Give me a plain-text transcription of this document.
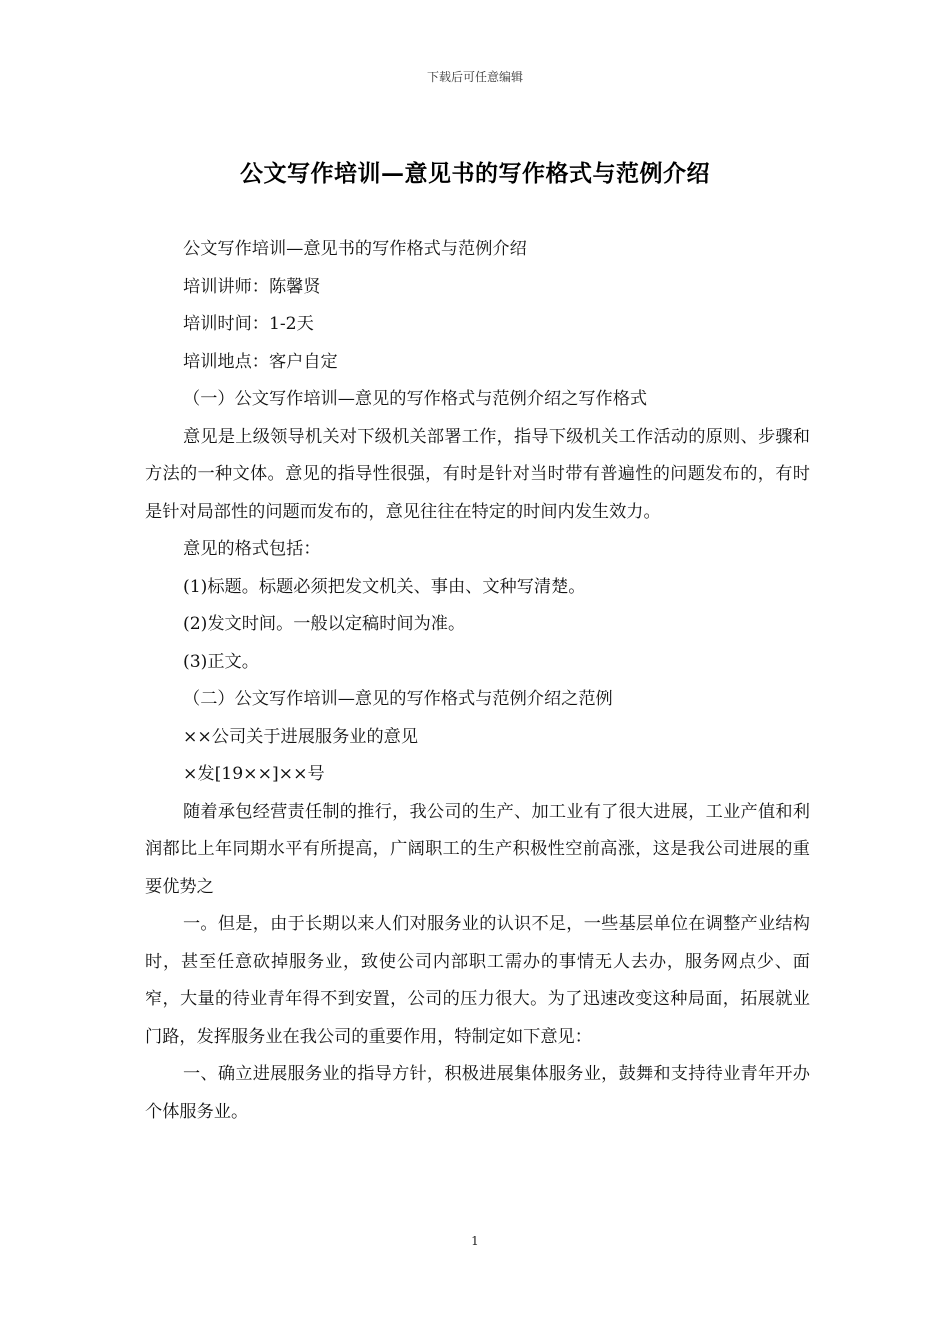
下载后可任意编辑
公文写作培训—意见书的写作格式与范例介绍

公文写作培训—意见书的写作格式与范例介绍

培训讲师：陈馨贤

培训时间：1-2天

培训地点：客户自定

（一）公文写作培训—意见的写作格式与范例介绍之写作格式

意见是上级领导机关对下级机关部署工作，指导下级机关工作活动的原则、步骤和方法的一种文体。意见的指导性很强，有时是针对当时带有普遍性的问题发布的，有时是针对局部性的问题而发布的，意见往往在特定的时间内发生效力。

意见的格式包括：

(1)标题。标题必须把发文机关、事由、文种写清楚。

(2)发文时间。一般以定稿时间为准。

(3)正文。

（二）公文写作培训—意见的写作格式与范例介绍之范例

××公司关于进展服务业的意见

×发[19××]××号

随着承包经营责任制的推行，我公司的生产、加工业有了很大进展，工业产值和利润都比上年同期水平有所提高，广阔职工的生产积极性空前高涨，这是我公司进展的重要优势之

一。但是，由于长期以来人们对服务业的认识不足，一些基层单位在调整产业结构时，甚至任意砍掉服务业，致使公司内部职工需办的事情无人去办，服务网点少、面窄，大量的待业青年得不到安置，公司的压力很大。为了迅速改变这种局面，拓展就业门路，发挥服务业在我公司的重要作用，特制定如下意见：

一、确立进展服务业的指导方针，积极进展集体服务业，鼓舞和支持待业青年开办个体服务业。

1
